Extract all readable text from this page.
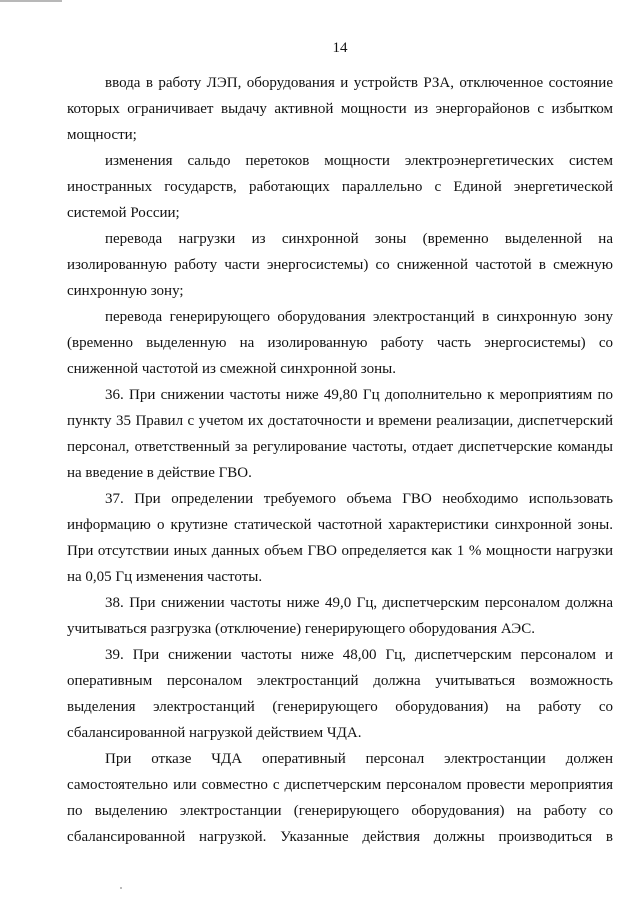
14

ввода в работу ЛЭП, оборудования и устройств РЗА, отключенное состояние которых ограничивает выдачу активной мощности из энергорайонов с избытком мощности;

изменения сальдо перетоков мощности электроэнергетических систем иностранных государств, работающих параллельно с Единой энергетической системой России;

перевода нагрузки из синхронной зоны (временно выделенной на изолированную работу части энергосистемы) со сниженной частотой в смежную синхронную зону;

перевода генерирующего оборудования электростанций в синхронную зону (временно выделенную на изолированную работу часть энергосистемы) со сниженной частотой из смежной синхронной зоны.

36. При снижении частоты ниже 49,80 Гц дополнительно к мероприятиям по пункту 35 Правил с учетом их достаточности и времени реализации, диспетчерский персонал, ответственный за регулирование частоты, отдает диспетчерские команды на введение в действие ГВО.

37. При определении требуемого объема ГВО необходимо использовать информацию о крутизне статической частотной характеристики синхронной зоны. При отсутствии иных данных объем ГВО определяется как 1 % мощности нагрузки на 0,05 Гц изменения частоты.

38. При снижении частоты ниже 49,0 Гц, диспетчерским персоналом должна учитываться разгрузка (отключение) генерирующего оборудования АЭС.

39. При снижении частоты ниже 48,00 Гц, диспетчерским персоналом и оперативным персоналом электростанций должна учитываться возможность выделения электростанций (генерирующего оборудования) на работу со сбалансированной нагрузкой действием ЧДА.

При отказе ЧДА оперативный персонал электростанции должен самостоятельно или совместно с диспетчерским персоналом провести мероприятия по выделению электростанции (генерирующего оборудования) на работу со сбалансированной нагрузкой. Указанные действия должны производиться в
